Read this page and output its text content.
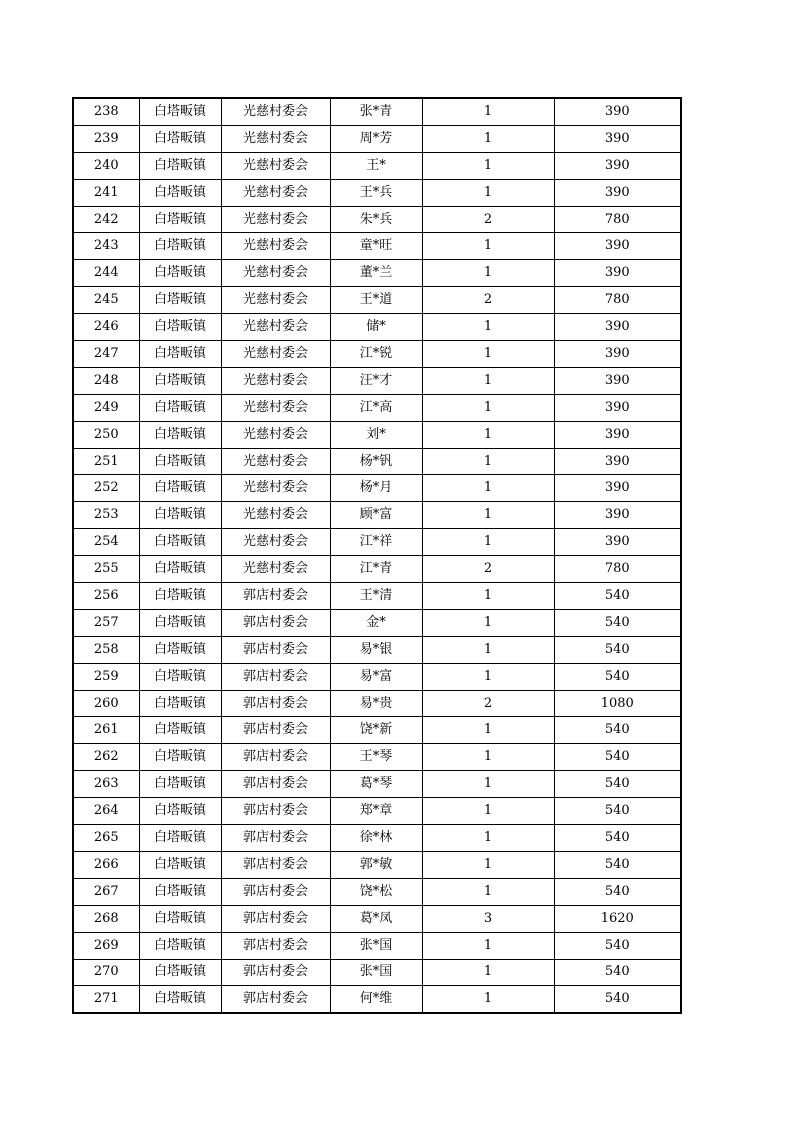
238	白塔畈镇	光慈村委会	张*青	1	390
239	白塔畈镇	光慈村委会	周*芳	1	390
240	白塔畈镇	光慈村委会	王*	1	390
241	白塔畈镇	光慈村委会	王*兵	1	390
242	白塔畈镇	光慈村委会	朱*兵	2	780
243	白塔畈镇	光慈村委会	童*旺	1	390
244	白塔畈镇	光慈村委会	董*兰	1	390
245	白塔畈镇	光慈村委会	王*道	2	780
246	白塔畈镇	光慈村委会	储*	1	390
247	白塔畈镇	光慈村委会	江*锐	1	390
248	白塔畈镇	光慈村委会	汪*才	1	390
249	白塔畈镇	光慈村委会	江*高	1	390
250	白塔畈镇	光慈村委会	刘*	1	390
251	白塔畈镇	光慈村委会	杨*钒	1	390
252	白塔畈镇	光慈村委会	杨*月	1	390
253	白塔畈镇	光慈村委会	顾*富	1	390
254	白塔畈镇	光慈村委会	江*祥	1	390
255	白塔畈镇	光慈村委会	江*青	2	780
256	白塔畈镇	郭店村委会	王*清	1	540
257	白塔畈镇	郭店村委会	金*	1	540
258	白塔畈镇	郭店村委会	易*银	1	540
259	白塔畈镇	郭店村委会	易*富	1	540
260	白塔畈镇	郭店村委会	易*贵	2	1080
261	白塔畈镇	郭店村委会	饶*新	1	540
262	白塔畈镇	郭店村委会	王*琴	1	540
263	白塔畈镇	郭店村委会	葛*琴	1	540
264	白塔畈镇	郭店村委会	郑*章	1	540
265	白塔畈镇	郭店村委会	徐*林	1	540
266	白塔畈镇	郭店村委会	郭*敏	1	540
267	白塔畈镇	郭店村委会	饶*松	1	540
268	白塔畈镇	郭店村委会	葛*凤	3	1620
269	白塔畈镇	郭店村委会	张*国	1	540
270	白塔畈镇	郭店村委会	张*国	1	540
271	白塔畈镇	郭店村委会	何*维	1	540
